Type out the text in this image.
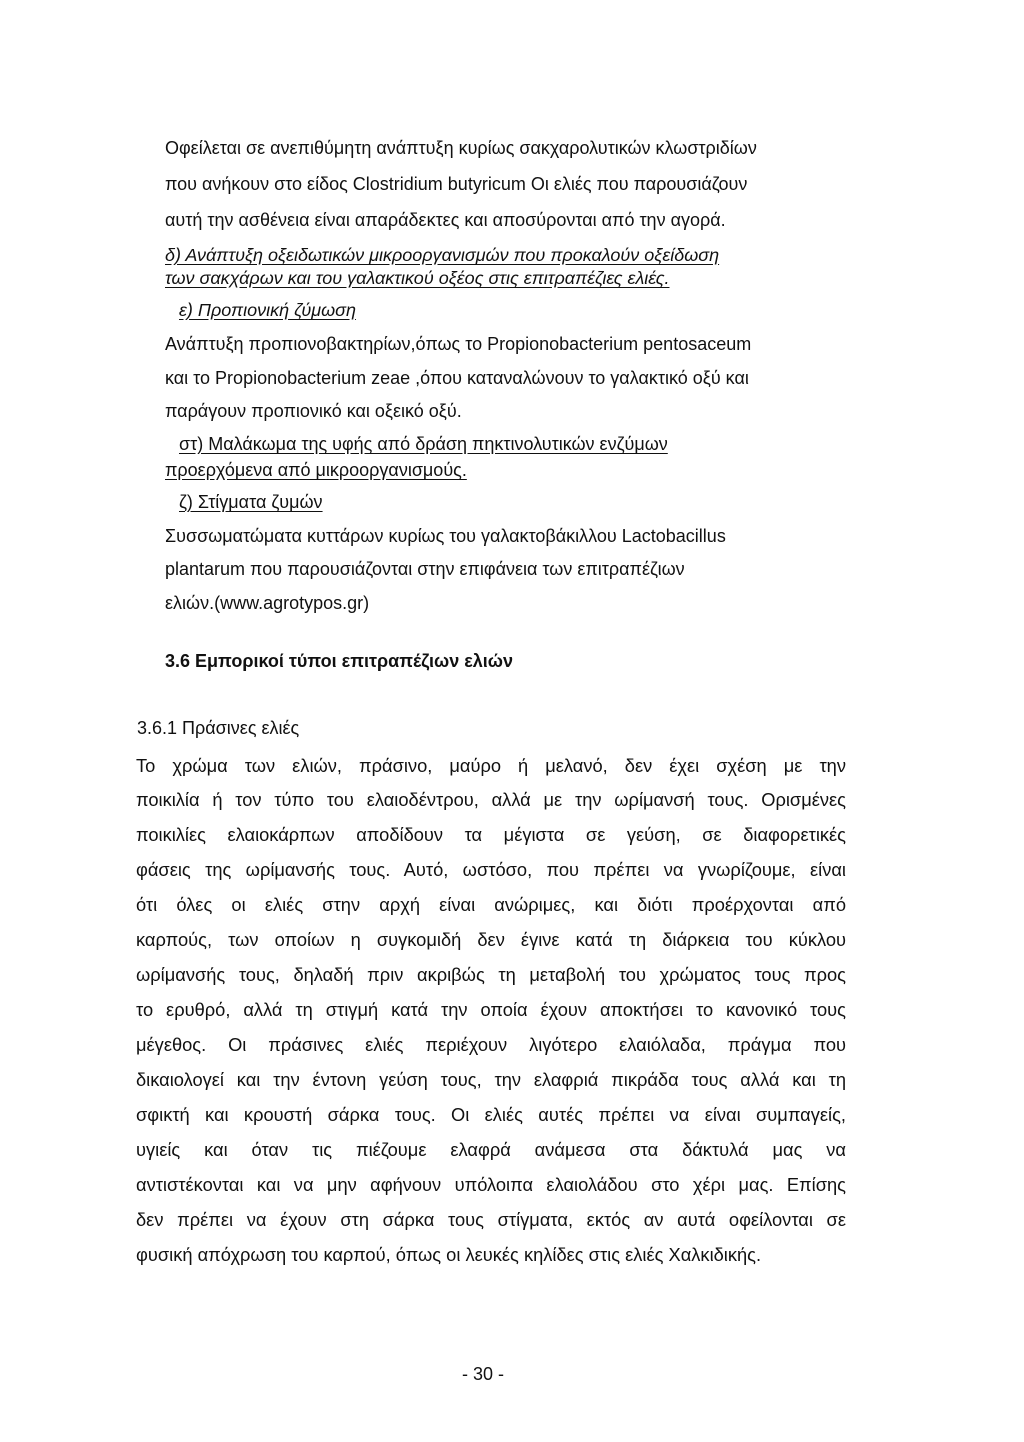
Οφείλεται σε ανεπιθύμητη ανάπτυξη κυρίως σακχαρολυτικών κλωστριδίων
που ανήκουν στο είδος Clostridium butyricum Οι ελιές που παρουσιάζουν
αυτή την ασθένεια είναι απαράδεκτες και αποσύρονται από την αγορά.
δ) Ανάπτυξη οξειδωτικών μικροοργανισμών που προκαλούν οξείδωση
των σακχάρων και του γαλακτικού οξέος στις επιτραπέζιες ελιές.
ε) Προπιονική ζύμωση
Ανάπτυξη προπιονοβακτηρίων,όπως το Propionobacterium pentosaceum
και το Propionobacterium zeae ,όπου καταναλώνουν το γαλακτικό οξύ και
παράγουν προπιονικό και οξεικό οξύ.
στ) Μαλάκωμα της υφής από δράση πηκτινολυτικών ενζύμων
προερχόμενα από μικροοργανισμούς.
ζ) Στίγματα ζυμών
Συσσωματώματα κυττάρων κυρίως του γαλακτοβάκιλλου Lactobacillus
plantarum που παρουσιάζονται στην επιφάνεια των επιτραπέζιων
ελιών.(www.agrotypos.gr)
3.6 Εμπορικοί τύποι επιτραπέζιων ελιών
3.6.1 Πράσινες ελιές
Το χρώμα των ελιών, πράσινο, μαύρο ή μελανό, δεν έχει σχέση με την
ποικιλία ή τον τύπο του ελαιοδέντρου, αλλά με την ωρίμανσή τους. Ορισμένες
ποικιλίες ελαιοκάρπων αποδίδουν τα μέγιστα σε γεύση, σε διαφορετικές
φάσεις της ωρίμανσής τους. Αυτό, ωστόσο, που πρέπει να γνωρίζουμε, είναι
ότι όλες οι ελιές στην αρχή είναι ανώριμες, και διότι προέρχονται από
καρπούς, των οποίων η συγκομιδή δεν έγινε κατά τη διάρκεια του κύκλου
ωρίμανσής τους, δηλαδή πριν ακριβώς τη μεταβολή του χρώματος τους προς
το ερυθρό, αλλά τη στιγμή κατά την οποία έχουν αποκτήσει το κανονικό τους
μέγεθος. Οι πράσινες ελιές περιέχουν λιγότερο ελαιόλαδα, πράγμα που
δικαιολογεί και την έντονη γεύση τους, την ελαφριά πικράδα τους αλλά και τη
σφικτή και κρουστή σάρκα τους. Οι ελιές αυτές πρέπει να είναι συμπαγείς,
υγιείς και όταν τις πιέζουμε ελαφρά ανάμεσα στα δάκτυλά μας να
αντιστέκονται και να μην αφήνουν υπόλοιπα ελαιολάδου στο χέρι μας. Επίσης
δεν πρέπει να έχουν στη σάρκα τους στίγματα, εκτός αν αυτά οφείλονται σε
φυσική απόχρωση του καρπού, όπως οι λευκές κηλίδες στις ελιές Χαλκιδικής.
- 30 -
